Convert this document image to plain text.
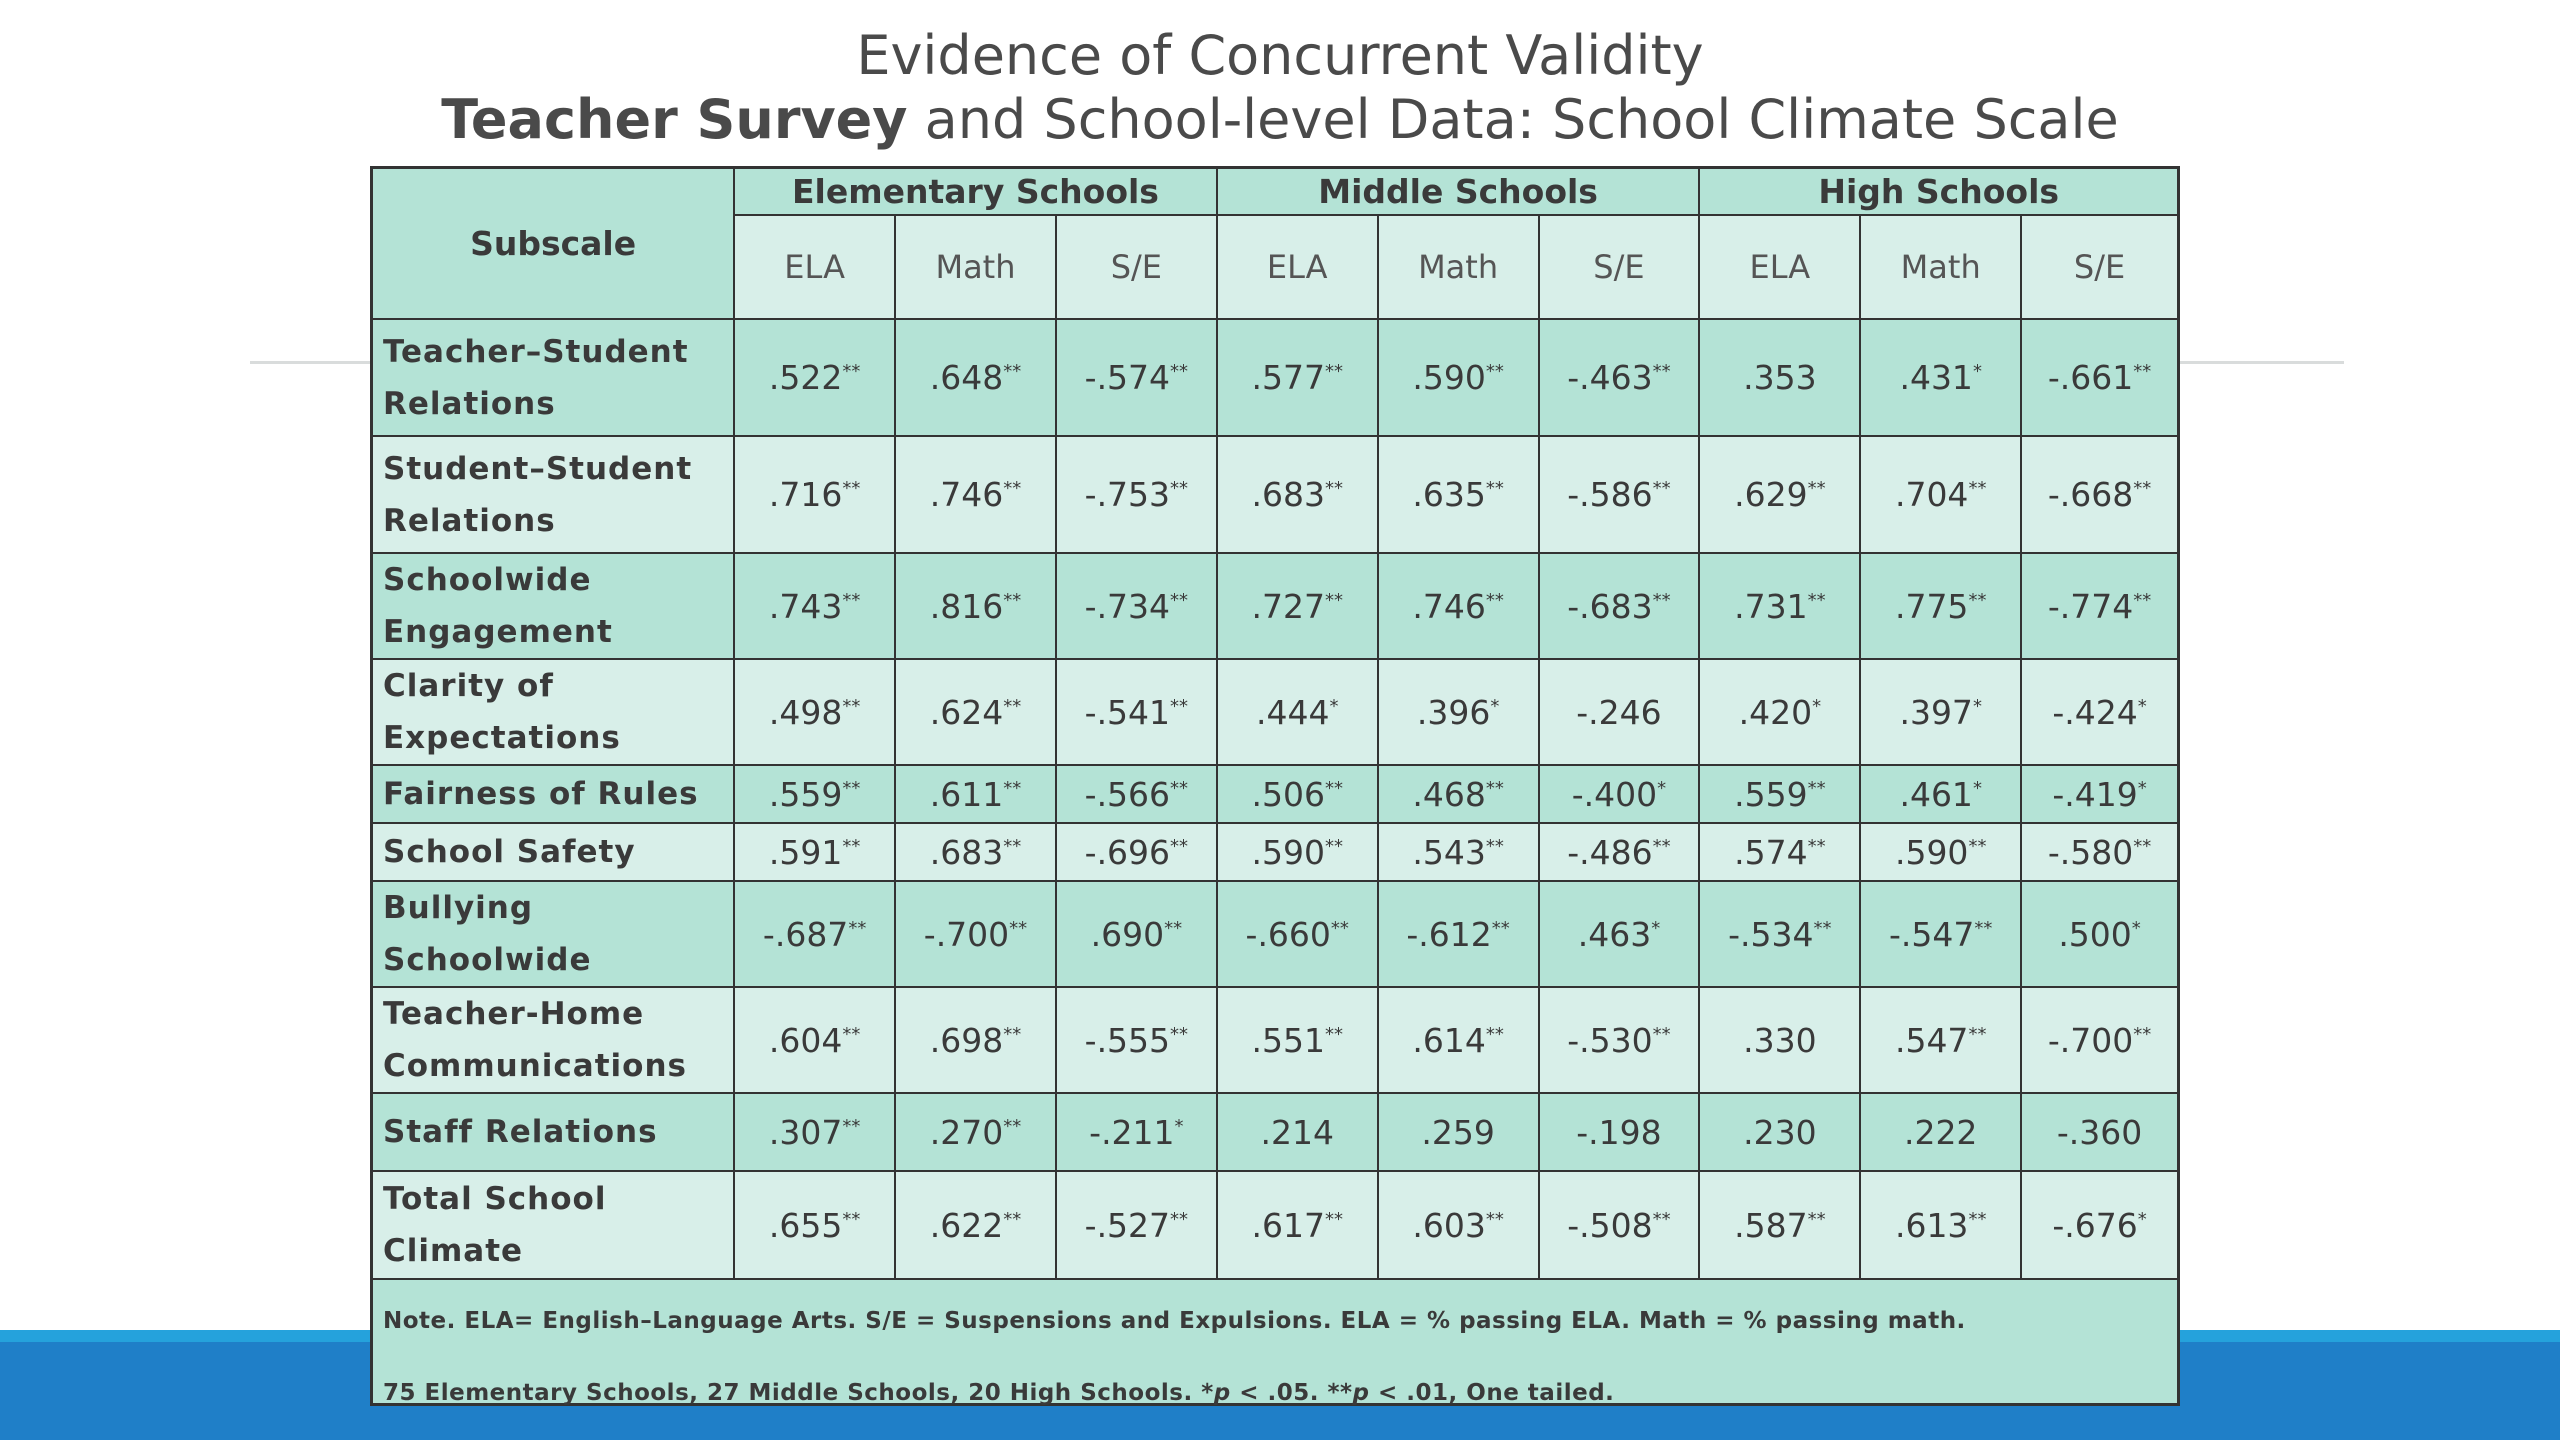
Evidence of Concurrent Validity
Teacher Survey and School-level Data: School Climate Scale
Subscale	Elementary Schools			Middle Schools			High Schools		
	ELA	Math	S/E	ELA	Math	S/E	ELA	Math	S/E
Teacher–Student Relations	.522**	.648**	-.574**	.577**	.590**	-.463**	.353	.431*	-.661**
Student–Student Relations	.716**	.746**	-.753**	.683**	.635**	-.586**	.629**	.704**	-.668**
Schoolwide Engagement	.743**	.816**	-.734**	.727**	.746**	-.683**	.731**	.775**	-.774**
Clarity of Expectations	.498**	.624**	-.541**	.444*	.396*	-.246	.420*	.397*	-.424*
Fairness of Rules	.559**	.611**	-.566**	.506**	.468**	-.400*	.559**	.461*	-.419*
School Safety	.591**	.683**	-.696**	.590**	.543**	-.486**	.574**	.590**	-.580**
Bullying Schoolwide	-.687**	-.700**	.690**	-.660**	-.612**	.463*	-.534**	-.547**	.500*
Teacher-Home Communications	.604**	.698**	-.555**	.551**	.614**	-.530**	.330	.547**	-.700**
Staff Relations	.307**	.270**	-.211*	.214	.259	-.198	.230	.222	-.360
Total School Climate	.655**	.622**	-.527**	.617**	.603**	-.508**	.587**	.613**	-.676*
Note. ELA= English–Language Arts. S/E = Suspensions and Expulsions. ELA = % passing ELA. Math = % passing math.
75 Elementary Schools, 27 Middle Schools, 20 High Schools. *p < .05. **p < .01, One tailed.
